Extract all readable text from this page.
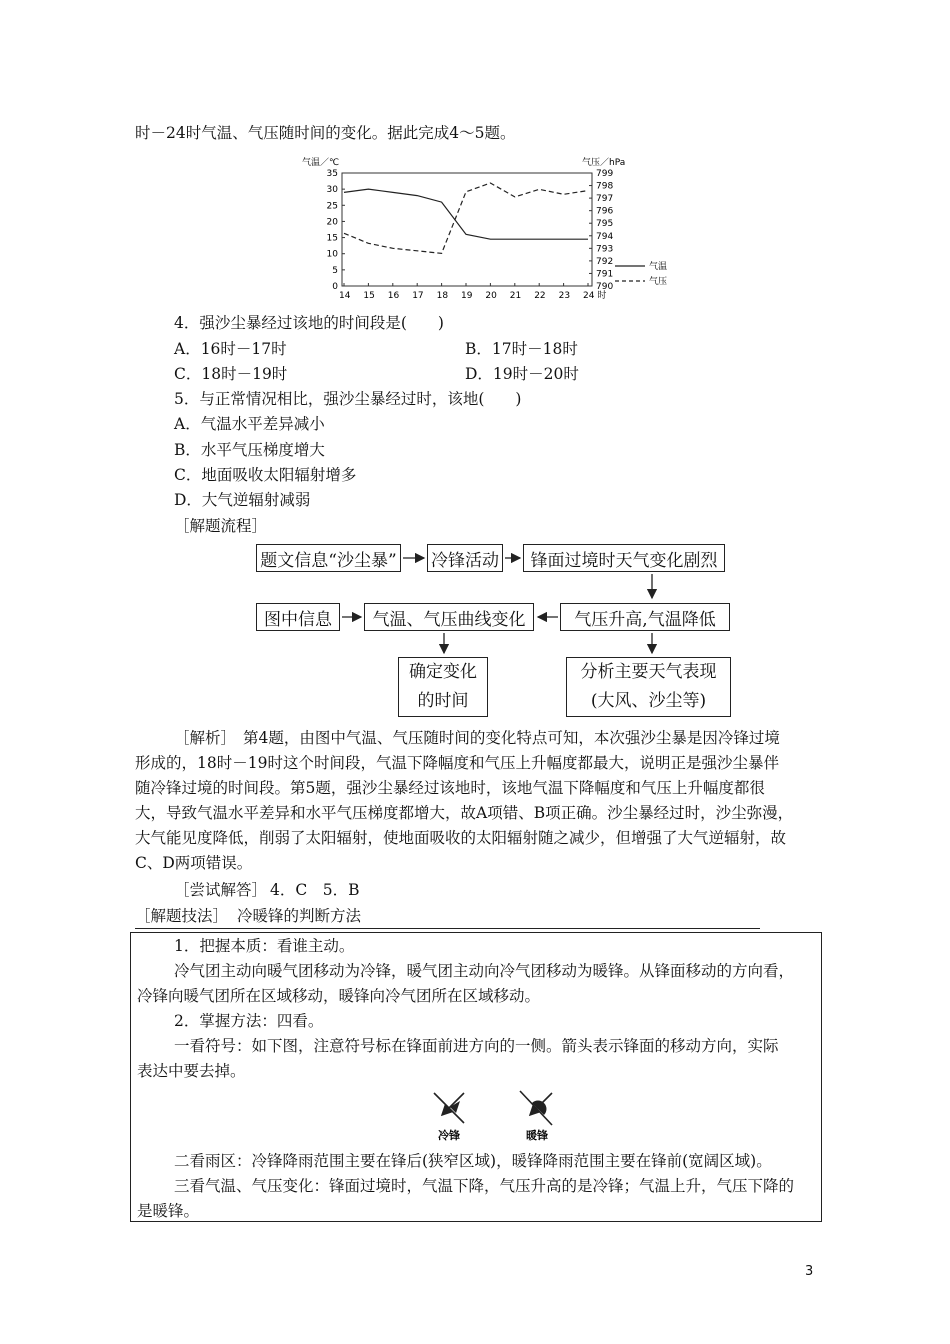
时－24时气温、气压随时间的变化。据此完成4～5题。
气温／℃	气压／hPa
0
5
10
15
20
25
30
35
790
791
792
793
794
795
796
797
798
799
14 15 16 17 18 19 20 21 22 23 24 时
气温
气压
4．强沙尘暴经过该地的时间段是(　　)
A．16时－17时	B．17时－18时
C．18时－19时	D．19时－20时
5．与正常情况相比，强沙尘暴经过时，该地(　　)
A．气温水平差异减小
B．水平气压梯度增大
C．地面吸收太阳辐射增多
D．大气逆辐射减弱
［解题流程］
题文信息“沙尘暴” 冷锋活动	锋面过境时天气变化剧烈
图中信息	气温、气压曲线变化	气压升高,气温降低
确定变化
的时间
分析主要天气表现
(大风、沙尘等)
［解析］ 第4题，由图中气温、气压随时间的变化特点可知，本次强沙尘暴是因冷锋过境
形成的，18时－19时这个时间段，气温下降幅度和气压上升幅度都最大，说明正是强沙尘暴伴
随冷锋过境的时间段。第5题，强沙尘暴经过该地时，该地气温下降幅度和气压上升幅度都很
大，导致气温水平差异和水平气压梯度都增大，故A项错、B项正确。沙尘暴经过时，沙尘弥漫，
大气能见度降低，削弱了太阳辐射，使地面吸收的太阳辐射随之减少，但增强了大气逆辐射，故
C、D两项错误。
［尝试解答］ 4．C　5．B
［解题技法］ 冷暖锋的判断方法
1．把握本质：看谁主动。
冷气团主动向暖气团移动为冷锋，暖气团主动向冷气团移动为暖锋。从锋面移动的方向看，
冷锋向暖气团所在区域移动，暖锋向冷气团所在区域移动。
2．掌握方法：四看。
一看符号：如下图，注意符号标在锋面前进方向的一侧。箭头表示锋面的移动方向，实际
表达中要去掉。
冷锋	暖锋
二看雨区：冷锋降雨范围主要在锋后(狭窄区域)，暖锋降雨范围主要在锋前(宽阔区域)。
三看气温、气压变化：锋面过境时，气温下降，气压升高的是冷锋；气温上升，气压下降的
是暖锋。
3
